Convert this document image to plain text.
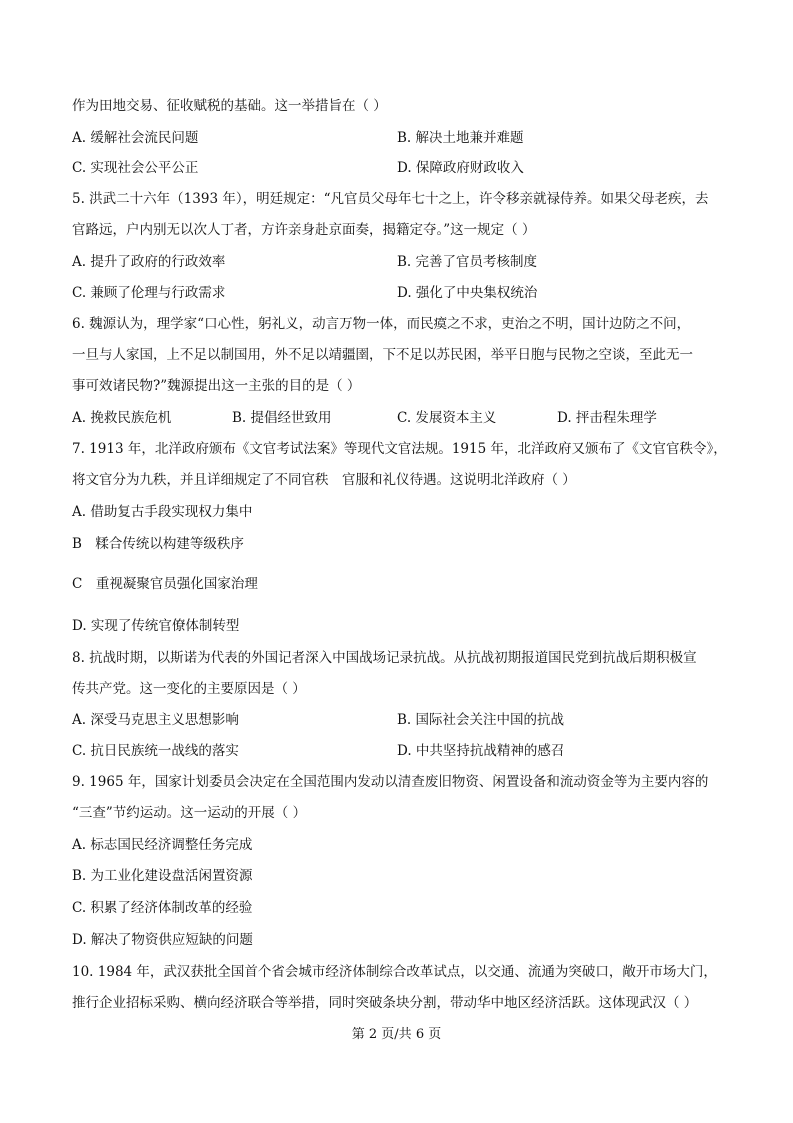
作为田地交易、征收赋税的基础。这一举措旨在（ ）
A. 缓解社会流民问题	B. 解决土地兼并难题
C. 实现社会公平公正	D. 保障政府财政收入
5. 洪武二十六年（1393 年），明廷规定：“凡官员父母年七十之上，许令移亲就禄侍养。如果父母老疾，去
官路远，户内别无以次人丁者，方许亲身赴京面奏，揭籍定夺。”这一规定（ ）
A. 提升了政府的行政效率	B. 完善了官员考核制度
C. 兼顾了伦理与行政需求	D. 强化了中央集权统治
6. 魏源认为，理学家“口心性，躬礼义，动言万物一体，而民瘼之不求，吏治之不明，国计边防之不问，
一旦与人家国，上不足以制国用，外不足以靖疆圉，下不足以苏民困，举平日胞与民物之空谈，至此无一
事可效诸民物?”魏源提出这一主张的目的是（ ）
A. 挽救民族危机	B. 提倡经世致用	C. 发展资本主义	D. 抨击程朱理学
7. 1913 年，北洋政府颁布《文官考试法案》等现代文官法规。1915 年，北洋政府又颁布了《文官官秩令》，
将文官分为九秩，并且详细规定了不同官秩　官服和礼仪待遇。这说明北洋政府（ ）
A. 借助复古手段实现权力集中
B　糅合传统以构建等级秩序
C　重视凝聚官员强化国家治理
D. 实现了传统官僚体制转型
8. 抗战时期，以斯诺为代表的外国记者深入中国战场记录抗战。从抗战初期报道国民党到抗战后期积极宣
传共产党。这一变化的主要原因是（ ）
A. 深受马克思主义思想影响	B. 国际社会关注中国的抗战
C. 抗日民族统一战线的落实	D. 中共坚持抗战精神的感召
9. 1965 年，国家计划委员会决定在全国范围内发动以清查废旧物资、闲置设备和流动资金等为主要内容的
“三查”节约运动。这一运动的开展（ ）
A. 标志国民经济调整任务完成
B. 为工业化建设盘活闲置资源
C. 积累了经济体制改革的经验
D. 解决了物资供应短缺的问题
10. 1984 年，武汉获批全国首个省会城市经济体制综合改革试点，以交通、流通为突破口，敞开市场大门，
推行企业招标采购、横向经济联合等举措，同时突破条块分割，带动华中地区经济活跃。这体现武汉（ ）
第 2 页/共 6 页
